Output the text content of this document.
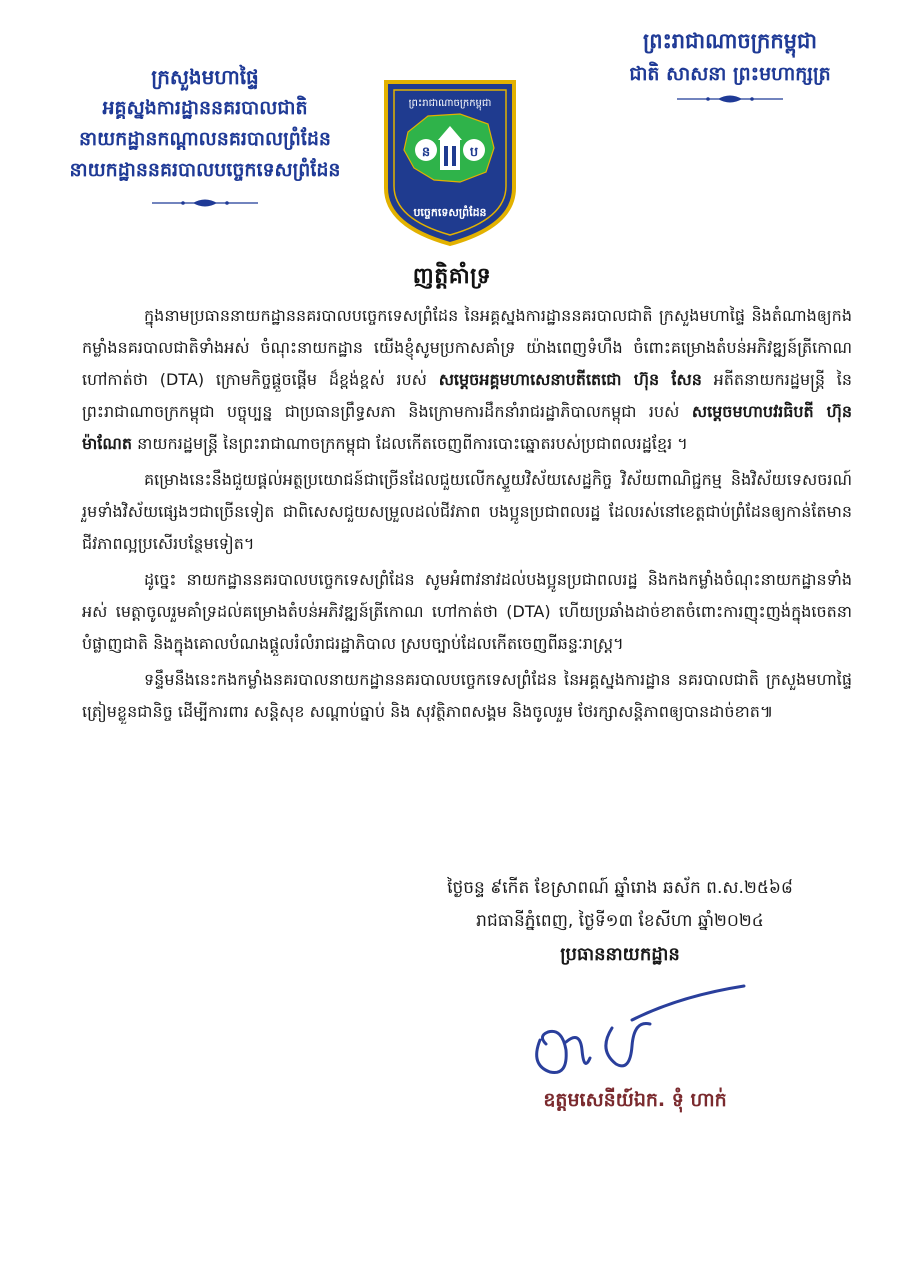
ក្រសួងមហាផ្ទៃ
អគ្គស្នងការដ្ឋាននគរបាលជាតិ
នាយកដ្ឋានកណ្ដាលនគរបាលព្រំដែន
នាយកដ្ឋាននគរបាលបច្ចេកទេសព្រំដែន
ព្រះរាជាណាចក្រកម្ពុជា
ន	ប
បច្ចេកទេសព្រំដែន
ព្រះរាជាណាចក្រកម្ពុជា
ជាតិ សាសនា ព្រះមហាក្សត្រ
ញត្តិគាំទ្រ

ក្នុងនាមប្រធាននាយកដ្ឋាននគរបាលបច្ចេកទេសព្រំដែន នៃអគ្គស្នងការដ្ឋាននគរបាលជាតិ ក្រសួងមហាផ្ទៃ និងតំណាងឲ្យកងកម្លាំងនគរបាលជាតិទាំងអស់ ចំណុះនាយកដ្ឋាន យើងខ្ញុំសូមប្រកាសគាំទ្រ យ៉ាងពេញទំហឹង ចំពោះគម្រោងតំបន់អភិវឌ្ឍន៍ត្រីកោណ ហៅកាត់ថា (DTA) ក្រោមកិច្ចផ្តួចផ្តើម ដ៏ខ្ពង់ខ្ពស់ របស់ សម្តេចអគ្គមហាសេនាបតីតេជោ ហ៊ុន សែន អតីតនាយករដ្ឋមន្ត្រី នៃព្រះរាជាណាចក្រកម្ពុជា បច្ចុប្បន្ន ជាប្រធានព្រឹទ្ធសភា និងក្រោមការដឹកនាំរាជរដ្ឋាភិបាលកម្ពុជា របស់ សម្តេចមហាបវរធិបតី ហ៊ុន ម៉ាណែត នាយករដ្ឋមន្ត្រី នៃព្រះរាជាណាចក្រកម្ពុជា ដែលកើតចេញពីការបោះឆ្នោតរបស់ប្រជាពលរដ្ឋខ្មែរ ។

គម្រោងនេះនឹងជួយផ្តល់អត្ថប្រយោជន៍ជាច្រើនដែលជួយលើកស្ទួយវិស័យសេដ្ឋកិច្ច វិស័យពាណិជ្ជកម្ម និងវិស័យទេសចរណ៍ រួមទាំងវិស័យផ្សេងៗជាច្រើនទៀត ជាពិសេសជួយសម្រួលដល់ជីវភាព បងប្អូនប្រជាពលរដ្ឋ ដែលរស់នៅខេត្តជាប់ព្រំដែនឲ្យកាន់តែមានជីវភាពល្អប្រសើរបន្ថែមទៀត។

ដូច្នេះ នាយកដ្ឋាននគរបាលបច្ចេកទេសព្រំដែន សូមអំពាវនាវដល់បងប្អូនប្រជាពលរដ្ឋ និងកងកម្លាំងចំណុះនាយកដ្ឋានទាំងអស់ មេត្តាចូលរួមគាំទ្រដល់គម្រោងតំបន់អភិវឌ្ឍន៍ត្រីកោណ ហៅកាត់ថា (DTA) ហើយប្រឆាំងដាច់ខាតចំពោះការញុះញង់ក្នុងចេតនាបំផ្លាញជាតិ និងក្នុងគោលបំណងផ្តួលរំលំរាជរដ្ឋាភិបាល ស្របច្បាប់ដែលកើតចេញពីឆន្ទៈរាស្ត្រ។

ទន្ទឹមនឹងនេះកងកម្លាំងនគរបាលនាយកដ្ឋាននគរបាលបច្ចេកទេសព្រំដែន នៃអគ្គស្នងការដ្ឋាន នគរបាលជាតិ ក្រសួងមហាផ្ទៃ ត្រៀមខ្លួនជានិច្ច ដើម្បីការពារ សន្តិសុខ សណ្តាប់ធ្នាប់ និង សុវត្ថិភាពសង្គម និងចូលរួម ថែរក្សាសន្តិភាពឲ្យបានដាច់ខាត៕

ថ្ងៃចន្ទ ៩កើត ខែស្រាពណ៍ ឆ្នាំរោង ឆស័ក ព.ស.២៥៦៨
រាជធានីភ្នំពេញ, ថ្ងៃទី១៣ ខែសីហា ឆ្នាំ២០២៤
ប្រធាននាយកដ្ឋាន
ឧត្តមសេនីយ៍ឯក. ទុំ ហាក់
